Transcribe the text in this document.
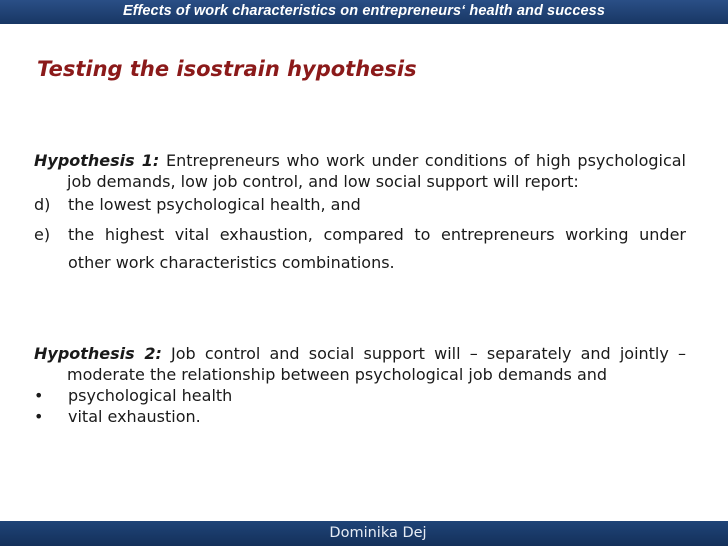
Effects of work characteristics on entrepreneurs‘ health and success
Testing the isostrain hypothesis
Hypothesis 1: Entrepreneurs who work under conditions of high psychological job demands, low job control, and low social support will report:
d) the lowest psychological health, and
e) the highest vital exhaustion, compared to entrepreneurs working under other work characteristics combinations.
Hypothesis 2: Job control and social support will – separately and jointly – moderate the relationship between psychological job demands and
• psychological health
• vital exhaustion.
Dominika Dej
